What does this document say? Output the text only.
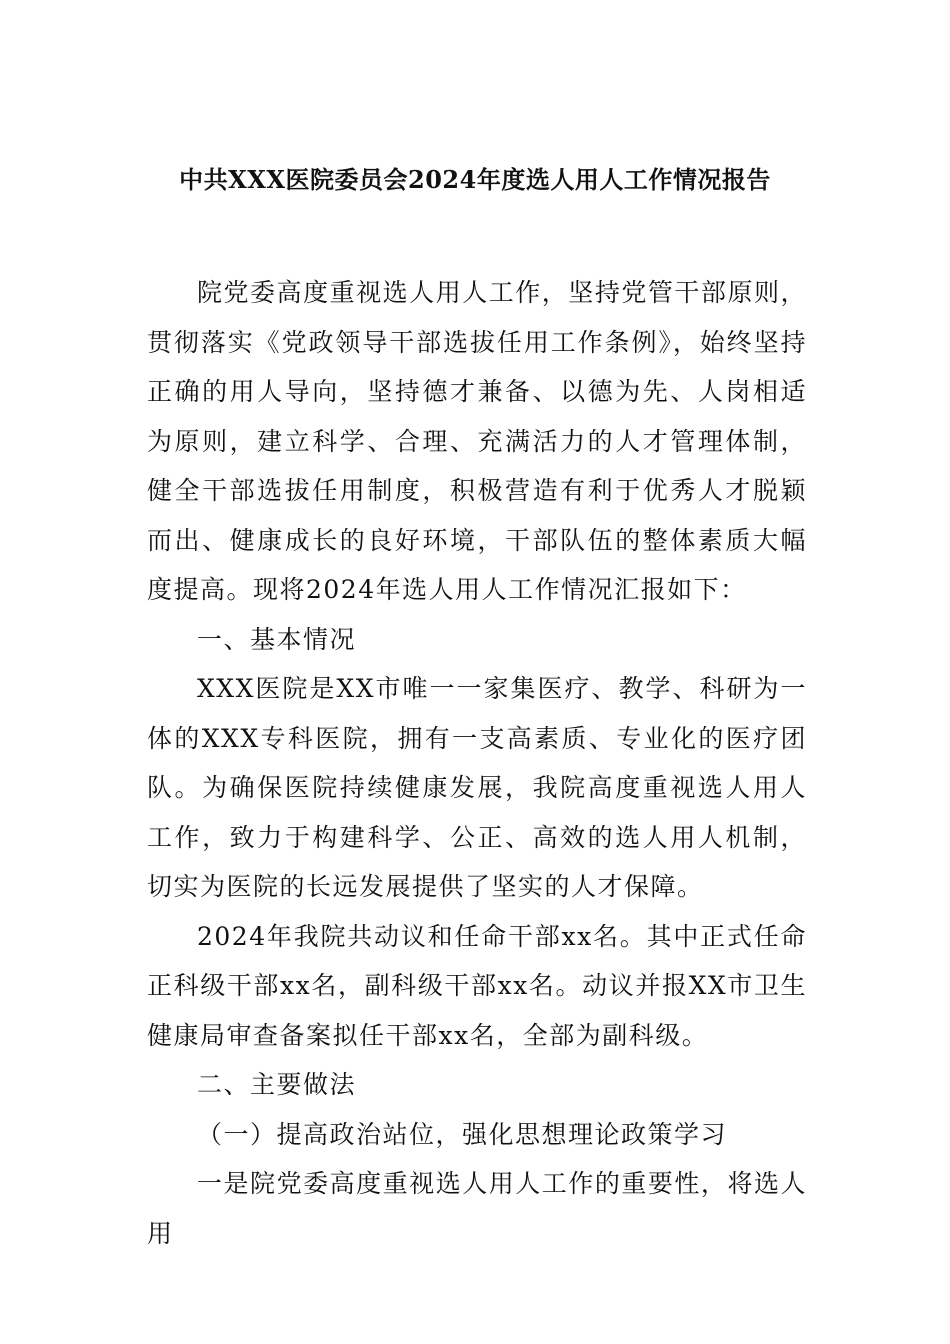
中共XXX医院委员会2024年度选人用人工作情况报告

院党委高度重视选人用人工作，坚持党管干部原则，贯彻落实《党政领导干部选拔任用工作条例》，始终坚持正确的用人导向，坚持德才兼备、以德为先、人岗相适为原则，建立科学、合理、充满活力的人才管理体制，健全干部选拔任用制度，积极营造有利于优秀人才脱颖而出、健康成长的良好环境，干部队伍的整体素质大幅度提高。现将2024年选人用人工作情况汇报如下：

一、基本情况

XXX医院是XX市唯一一家集医疗、教学、科研为一体的XXX专科医院，拥有一支高素质、专业化的医疗团队。为确保医院持续健康发展，我院高度重视选人用人工作，致力于构建科学、公正、高效的选人用人机制，切实为医院的长远发展提供了坚实的人才保障。

2024年我院共动议和任命干部xx名。其中正式任命正科级干部xx名，副科级干部xx名。动议并报XX市卫生健康局审查备案拟任干部xx名，全部为副科级。

二、主要做法

（一）提高政治站位，强化思想理论政策学习

一是院党委高度重视选人用人工作的重要性，将选人用
